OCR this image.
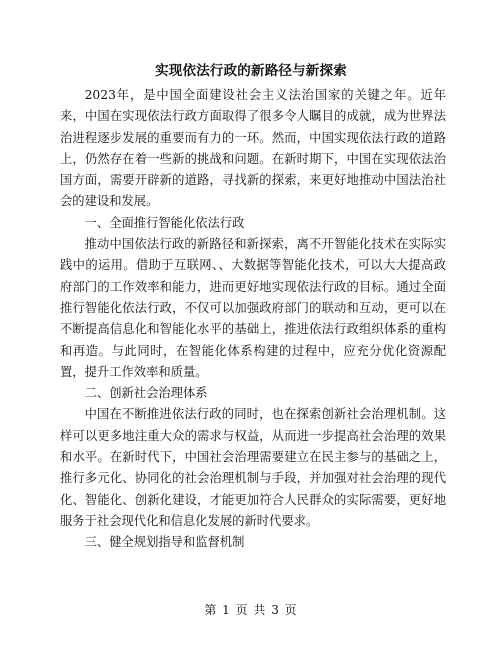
实现依法行政的新路径与新探索

2023年，是中国全面建设社会主义法治国家的关键之年。近年来，中国在实现依法行政方面取得了很多令人瞩目的成就，成为世界法治进程逐步发展的重要而有力的一环。然而，中国实现依法行政的道路上，仍然存在着一些新的挑战和问题。在新时期下，中国在实现依法治国方面，需要开辟新的道路，寻找新的探索，来更好地推动中国法治社会的建设和发展。

一、全面推行智能化依法行政

推动中国依法行政的新路径和新探索，离不开智能化技术在实际实践中的运用。借助于互联网、、大数据等智能化技术，可以大大提高政府部门的工作效率和能力，进而更好地实现依法行政的目标。通过全面推行智能化依法行政，不仅可以加强政府部门的联动和互动，更可以在不断提高信息化和智能化水平的基础上，推进依法行政组织体系的重构和再造。与此同时，在智能化体系构建的过程中，应充分优化资源配置，提升工作效率和质量。

二、创新社会治理体系

中国在不断推进依法行政的同时，也在探索创新社会治理机制。这样可以更多地注重大众的需求与权益，从而进一步提高社会治理的效果和水平。在新时代下，中国社会治理需要建立在民主参与的基础之上，推行多元化、协同化的社会治理机制与手段，并加强对社会治理的现代化、智能化、创新化建设，才能更加符合人民群众的实际需要，更好地服务于社会现代化和信息化发展的新时代要求。

三、健全规划指导和监督机制
第 1 页 共 3 页
